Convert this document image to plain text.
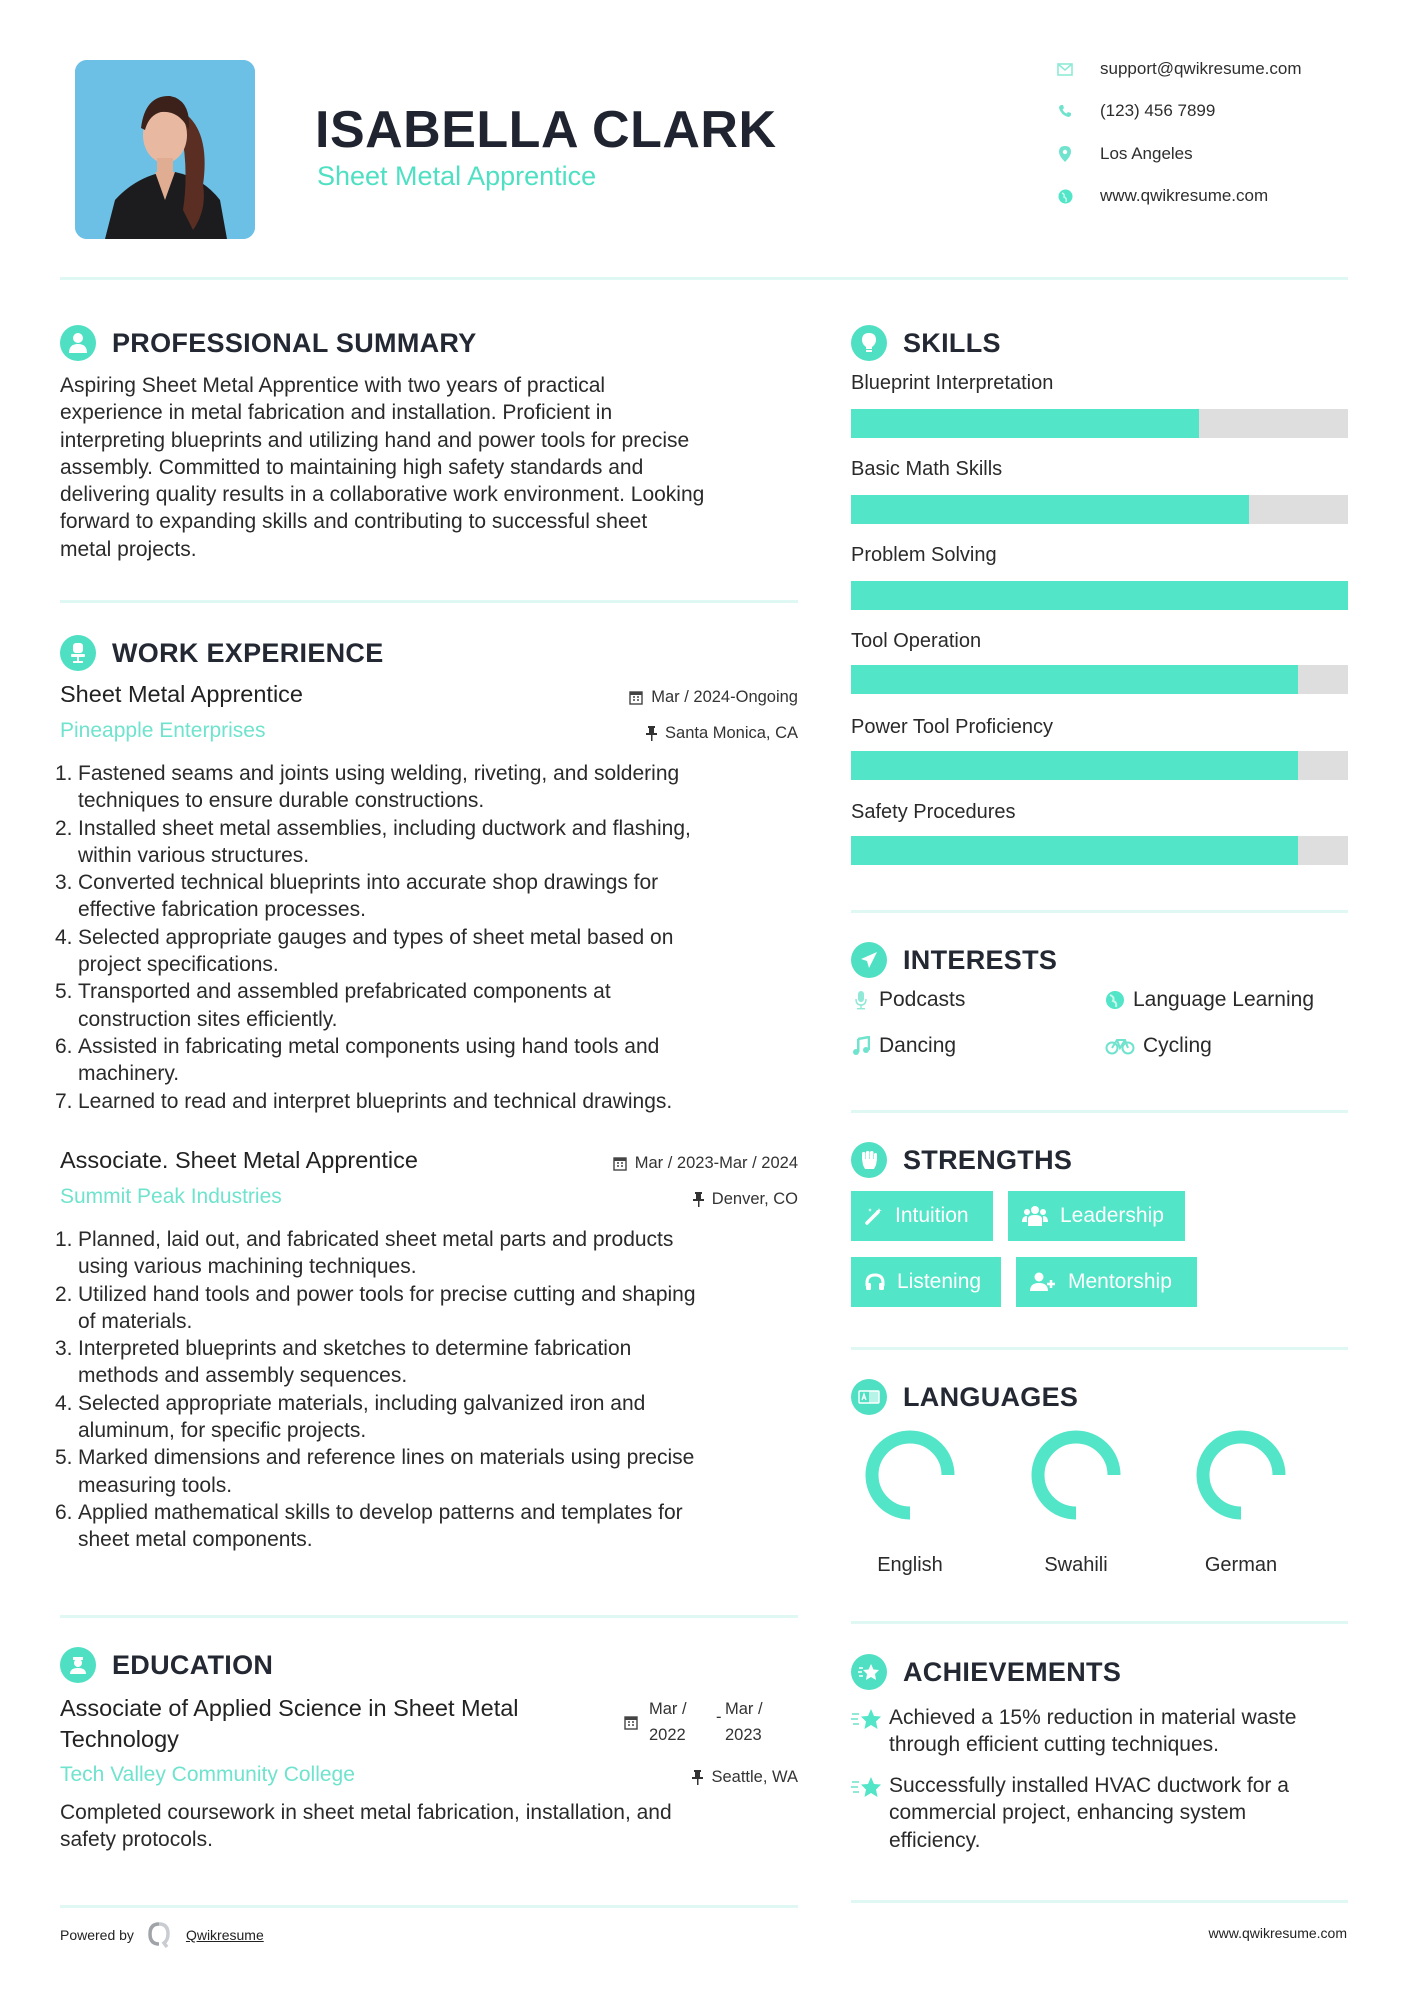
ISABELLA CLARK
Sheet Metal Apprentice
support@qwikresume.com
(123) 456 7899
Los Angeles
www.qwikresume.com
PROFESSIONAL SUMMARY
Aspiring Sheet Metal Apprentice with two years of practical
experience in metal fabrication and installation. Proficient in
interpreting blueprints and utilizing hand and power tools for precise
assembly. Committed to maintaining high safety standards and
delivering quality results in a collaborative work environment. Looking
forward to expanding skills and contributing to successful sheet
metal projects.
WORK EXPERIENCE
Sheet Metal Apprentice	Mar / 2024-Ongoing
Pineapple Enterprises	Santa Monica, CA
1. Fastened seams and joints using welding, riveting, and soldering
techniques to ensure durable constructions.
2. Installed sheet metal assemblies, including ductwork and flashing,
within various structures.
3. Converted technical blueprints into accurate shop drawings for
effective fabrication processes.
4. Selected appropriate gauges and types of sheet metal based on
project specifications.
5. Transported and assembled prefabricated components at
construction sites efficiently.
6. Assisted in fabricating metal components using hand tools and
machinery.
7. Learned to read and interpret blueprints and technical drawings.
Associate. Sheet Metal Apprentice	Mar / 2023-Mar / 2024
Summit Peak Industries	Denver, CO
1. Planned, laid out, and fabricated sheet metal parts and products
using various machining techniques.
2. Utilized hand tools and power tools for precise cutting and shaping
of materials.
3. Interpreted blueprints and sketches to determine fabrication
methods and assembly sequences.
4. Selected appropriate materials, including galvanized iron and
aluminum, for specific projects.
5. Marked dimensions and reference lines on materials using precise
measuring tools.
6. Applied mathematical skills to develop patterns and templates for
sheet metal components.
EDUCATION
Associate of Applied Science in Sheet Metal
Technology
Mar /
2022
- Mar /
2023
Tech Valley Community College	Seattle, WA
Completed coursework in sheet metal fabrication, installation, and
safety protocols.
Powered by	Qwikresume	www.qwikresume.com
SKILLS
Blueprint Interpretation
Basic Math Skills
Problem Solving
Tool Operation
Power Tool Proficiency
Safety Procedures
INTERESTS
Podcasts	Language Learning
Dancing	Cycling
STRENGTHS
Intuition	Leadership
Listening	Mentorship
LANGUAGES
English	Swahili	German
ACHIEVEMENTS
Achieved a 15% reduction in material waste
through efficient cutting techniques.
Successfully installed HVAC ductwork for a
commercial project, enhancing system
efficiency.
